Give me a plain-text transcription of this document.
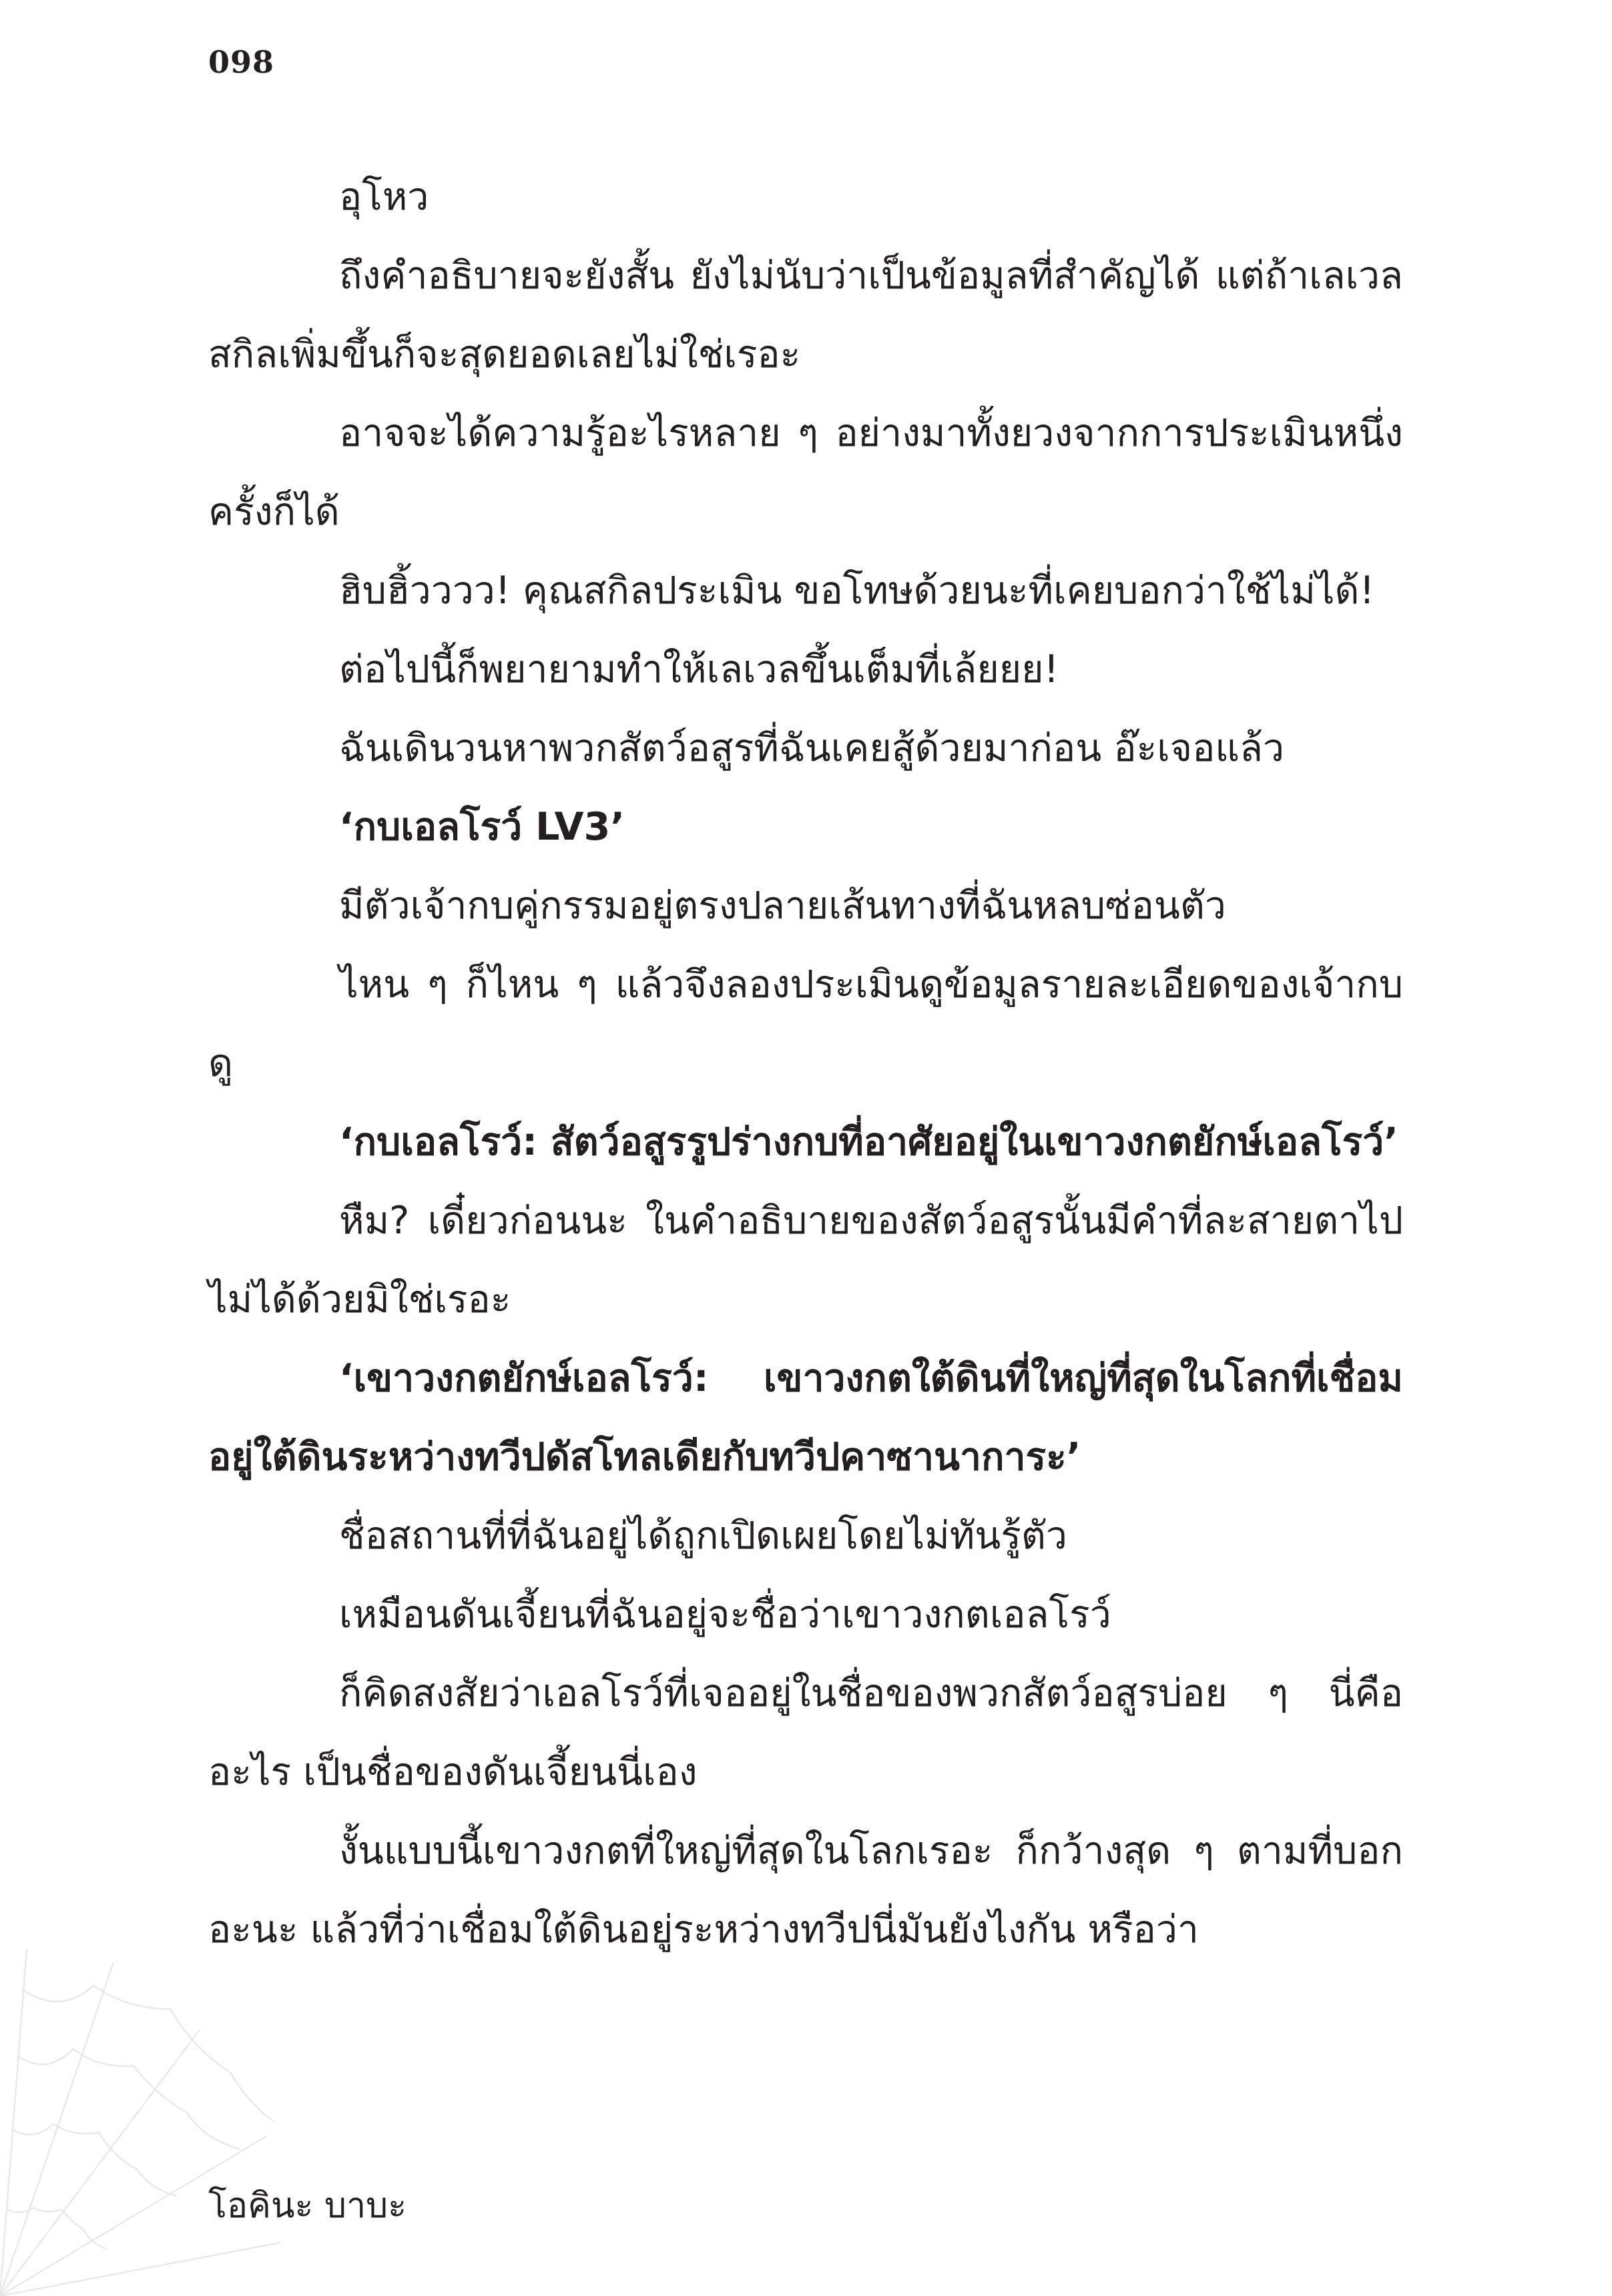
098

อุโหว

ถึงคำอธิบายจะยังสั้น ยังไม่นับว่าเป็นข้อมูลที่สำคัญได้ แต่ถ้าเลเวลสกิลเพิ่มขึ้นก็จะสุดยอดเลยไม่ใช่เรอะ

อาจจะได้ความรู้อะไรหลาย ๆ อย่างมาทั้งยวงจากการประเมินหนึ่งครั้งก็ได้

ฮิบฮิ้วววว! คุณสกิลประเมิน ขอโทษด้วยนะที่เคยบอกว่าใช้ไม่ได้!

ต่อไปนี้ก็พยายามทำให้เลเวลขึ้นเต็มที่เล้ยยย!

ฉันเดินวนหาพวกสัตว์อสูรที่ฉันเคยสู้ด้วยมาก่อน อ๊ะเจอแล้ว

‘กบเอลโรว์ LV3’

มีตัวเจ้ากบคู่กรรมอยู่ตรงปลายเส้นทางที่ฉันหลบซ่อนตัว

ไหน ๆ ก็ไหน ๆ แล้วจึงลองประเมินดูข้อมูลรายละเอียดของเจ้ากบดู

‘กบเอลโรว์: สัตว์อสูรรูปร่างกบที่อาศัยอยู่ในเขาวงกตยักษ์เอลโรว์’

หืม? เดี๋ยวก่อนนะ ในคำอธิบายของสัตว์อสูรนั้นมีคำที่ละสายตาไปไม่ได้ด้วยมิใช่เรอะ

‘เขาวงกตยักษ์เอลโรว์: เขาวงกตใต้ดินที่ใหญ่ที่สุดในโลกที่เชื่อมอยู่ใต้ดินระหว่างทวีปดัสโทลเดียกับทวีปคาซานาการะ’

ชื่อสถานที่ที่ฉันอยู่ได้ถูกเปิดเผยโดยไม่ทันรู้ตัว

เหมือนดันเจี้ยนที่ฉันอยู่จะชื่อว่าเขาวงกตเอลโรว์

ก็คิดสงสัยว่าเอลโรว์ที่เจออยู่ในชื่อของพวกสัตว์อสูรบ่อย ๆ นี่คืออะไร เป็นชื่อของดันเจี้ยนนี่เอง

งั้นแบบนี้เขาวงกตที่ใหญ่ที่สุดในโลกเรอะ ก็กว้างสุด ๆ ตามที่บอกอะนะ แล้วที่ว่าเชื่อมใต้ดินอยู่ระหว่างทวีปนี่มันยังไงกัน หรือว่า

โอคินะ บาบะ
